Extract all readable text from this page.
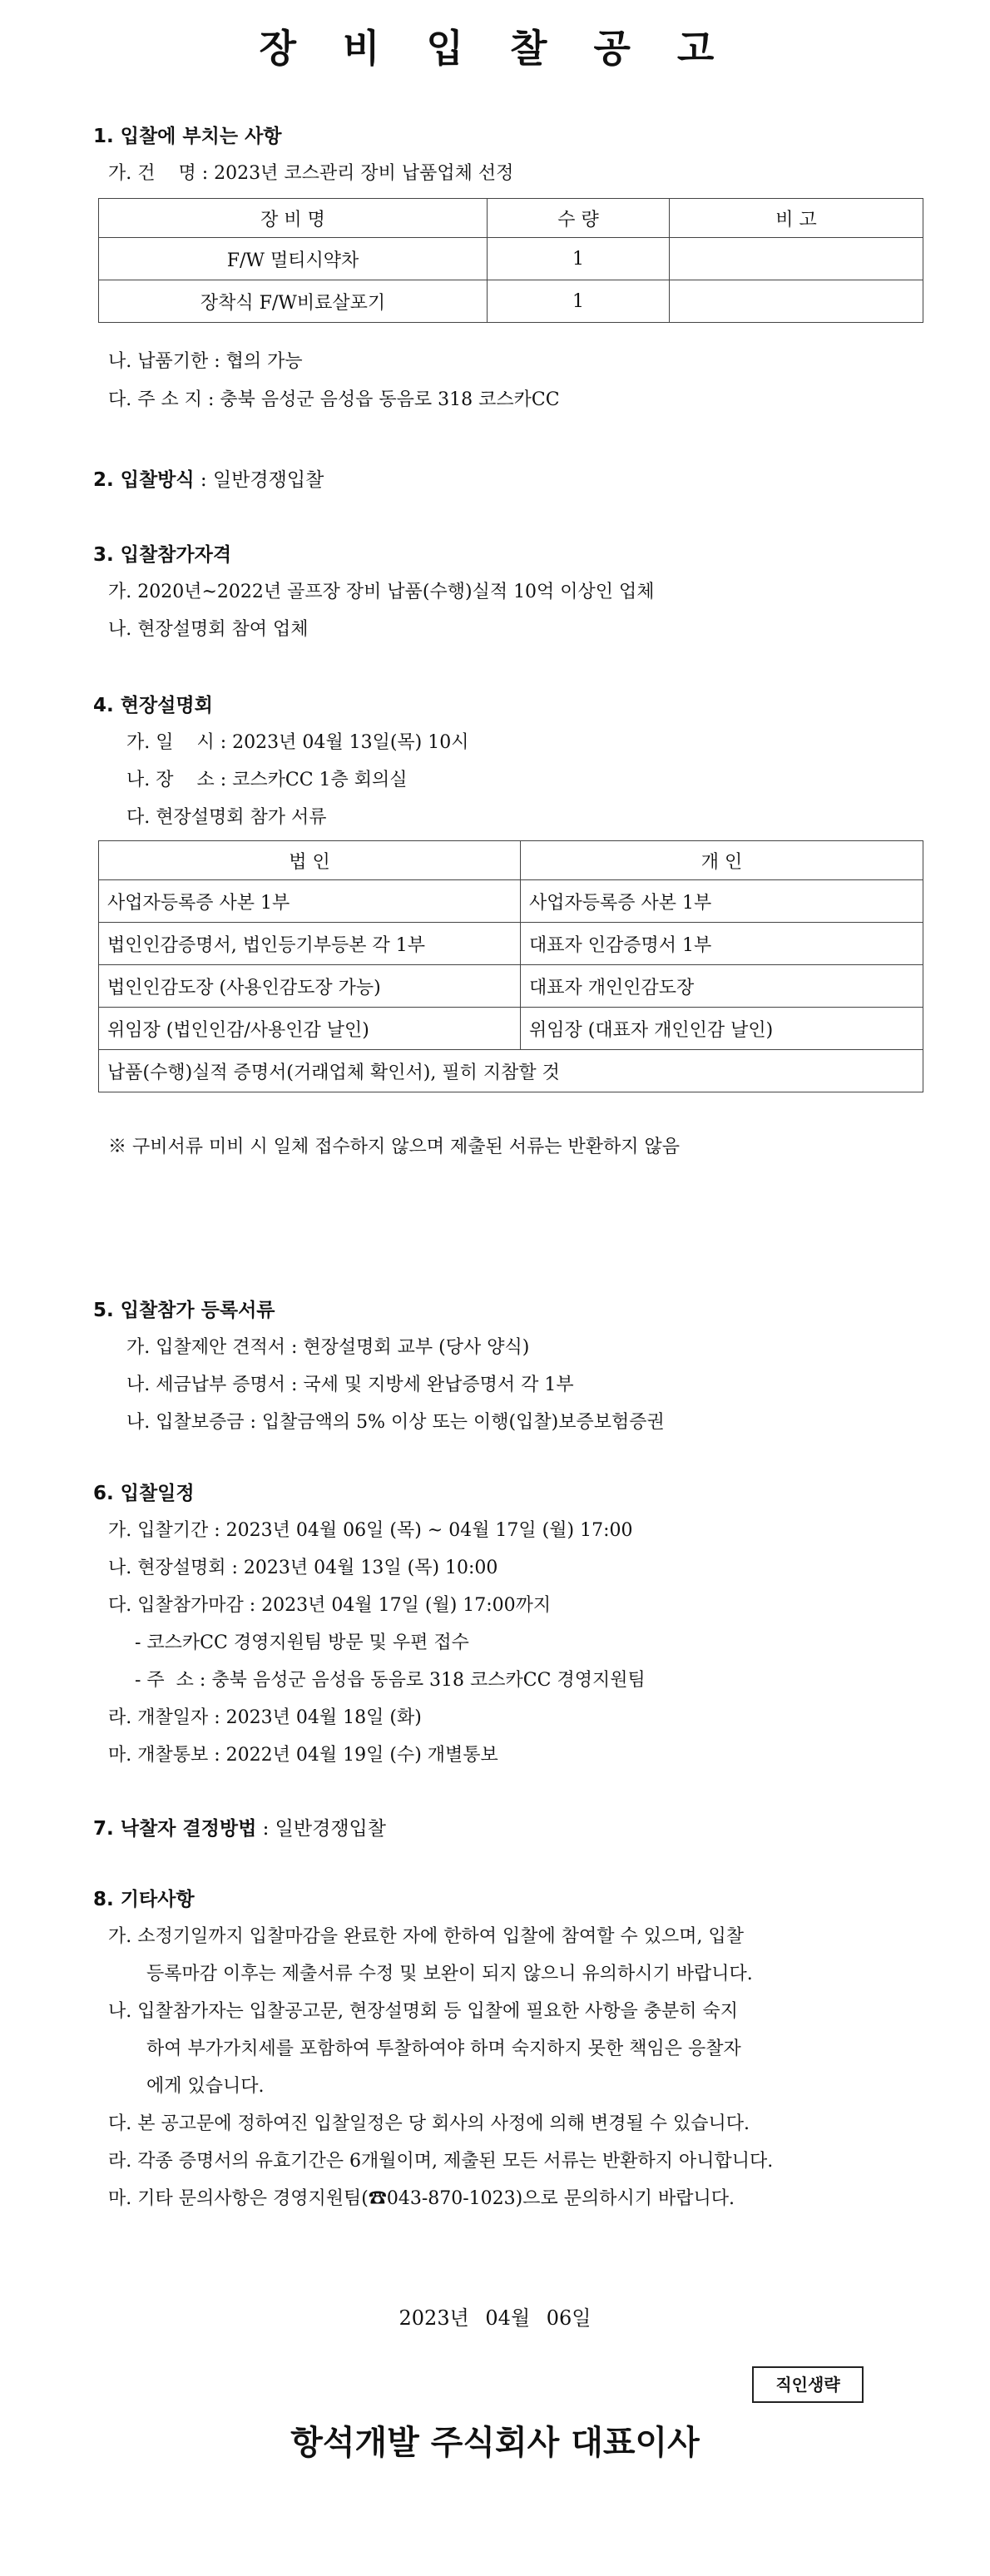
장 비 입 찰 공 고
1. 입찰에 부치는 사항
가. 건    명 : 2023년 코스관리 장비 납품업체 선정
장 비 명	수 량	비 고
F/W 멀티시약차	1	
장착식 F/W비료살포기	1	
나. 납품기한 : 협의 가능
다. 주 소 지 : 충북 음성군 음성읍 동음로 318 코스카CC
2. 입찰방식 : 일반경쟁입찰
3. 입찰참가자격
가. 2020년~2022년 골프장 장비 납품(수행)실적 10억 이상인 업체
나. 현장설명회 참여 업체
4. 현장설명회
가. 일    시 : 2023년 04월 13일(목) 10시
나. 장    소 : 코스카CC 1층 회의실
다. 현장설명회 참가 서류
법 인	개 인
사업자등록증 사본 1부	사업자등록증 사본 1부
법인인감증명서, 법인등기부등본 각 1부	대표자 인감증명서 1부
법인인감도장 (사용인감도장 가능)	대표자 개인인감도장
위임장 (법인인감/사용인감 날인)	위임장 (대표자 개인인감 날인)
납품(수행)실적 증명서(거래업체 확인서), 필히 지참할 것	
※ 구비서류 미비 시 일체 접수하지 않으며 제출된 서류는 반환하지 않음
5. 입찰참가 등록서류
가. 입찰제안 견적서 : 현장설명회 교부 (당사 양식)
나. 세금납부 증명서 : 국세 및 지방세 완납증명서 각 1부
나. 입찰보증금 : 입찰금액의 5% 이상 또는 이행(입찰)보증보험증권
6. 입찰일정
가. 입찰기간 : 2023년 04월 06일 (목) ~ 04월 17일 (월) 17:00
나. 현장설명회 : 2023년 04월 13일 (목) 10:00
다. 입찰참가마감 : 2023년 04월 17일 (월) 17:00까지
- 코스카CC 경영지원팀 방문 및 우편 접수
- 주  소 : 충북 음성군 음성읍 동음로 318 코스카CC 경영지원팀
라. 개찰일자 : 2023년 04월 18일 (화)
마. 개찰통보 : 2022년 04월 19일 (수) 개별통보
7. 낙찰자 결정방법 : 일반경쟁입찰
8. 기타사항
가. 소정기일까지 입찰마감을 완료한 자에 한하여 입찰에 참여할 수 있으며, 입찰
등록마감 이후는 제출서류 수정 및 보완이 되지 않으니 유의하시기 바랍니다.
나. 입찰참가자는 입찰공고문, 현장설명회 등 입찰에 필요한 사항을 충분히 숙지
하여 부가가치세를 포함하여 투찰하여야 하며 숙지하지 못한 책임은 응찰자
에게 있습니다.
다. 본 공고문에 정하여진 입찰일정은 당 회사의 사정에 의해 변경될 수 있습니다.
라. 각종 증명서의 유효기간은 6개월이며, 제출된 모든 서류는 반환하지 아니합니다.
마. 기타 문의사항은 경영지원팀(☎043-870-1023)으로 문의하시기 바랍니다.
2023년 04월 06일
직인생략
항석개발 주식회사 대표이사
